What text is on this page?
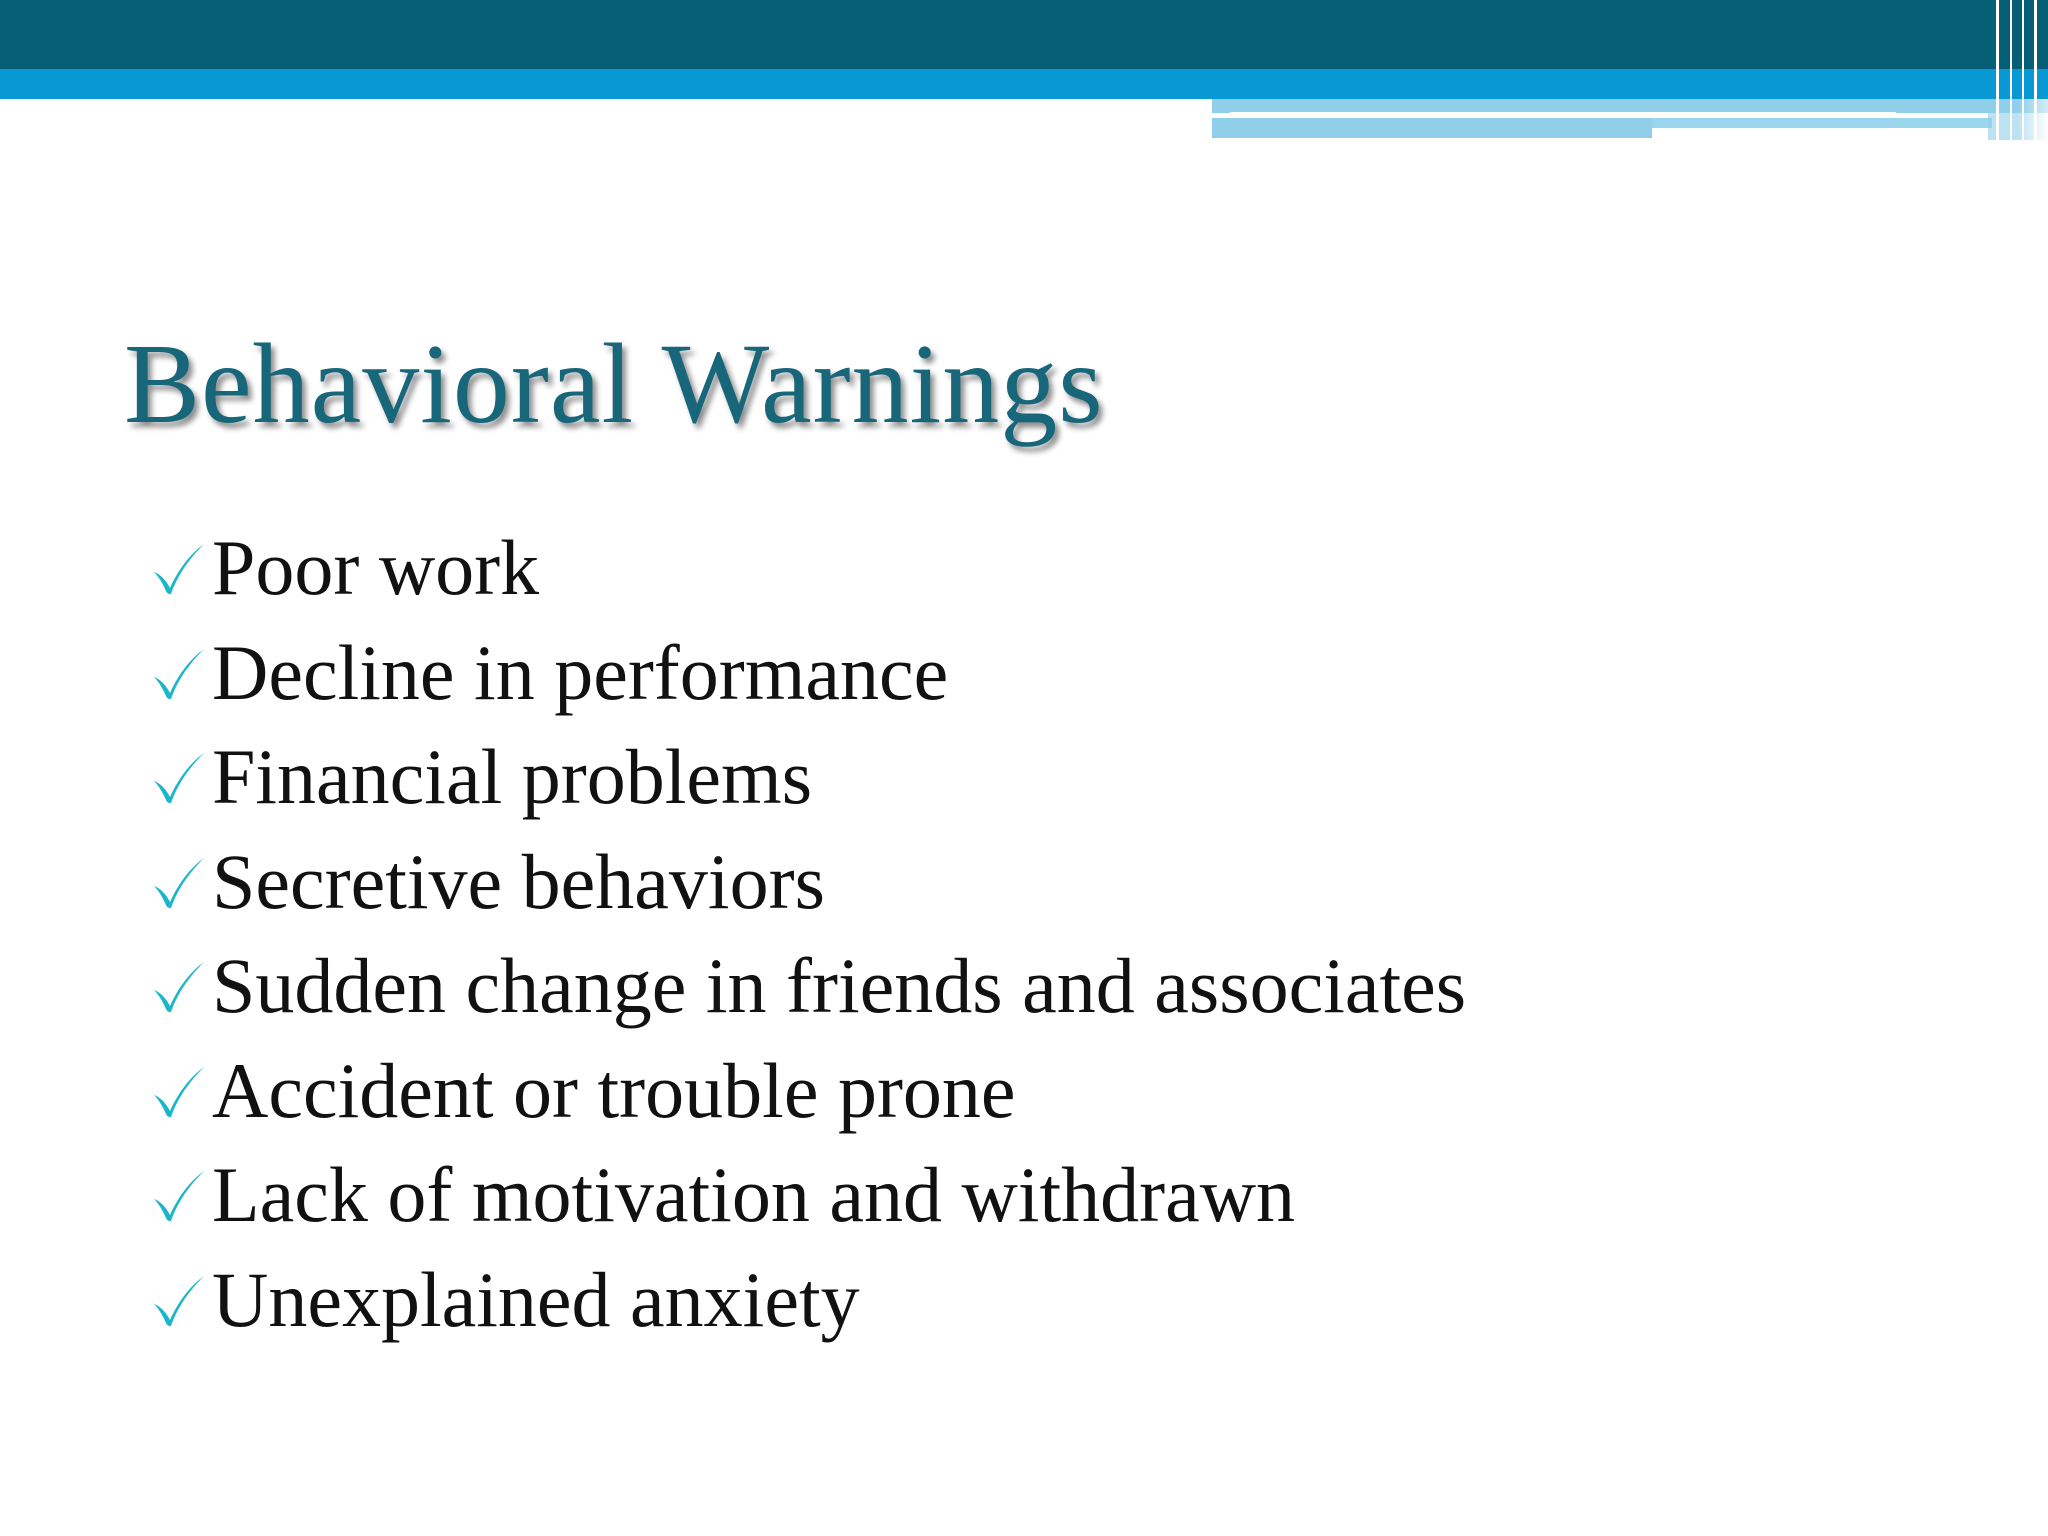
Behavioral Warnings
Poor work
Decline in performance
Financial problems
Secretive behaviors
Sudden change in friends and associates
Accident or trouble prone
Lack of motivation and withdrawn
Unexplained anxiety
